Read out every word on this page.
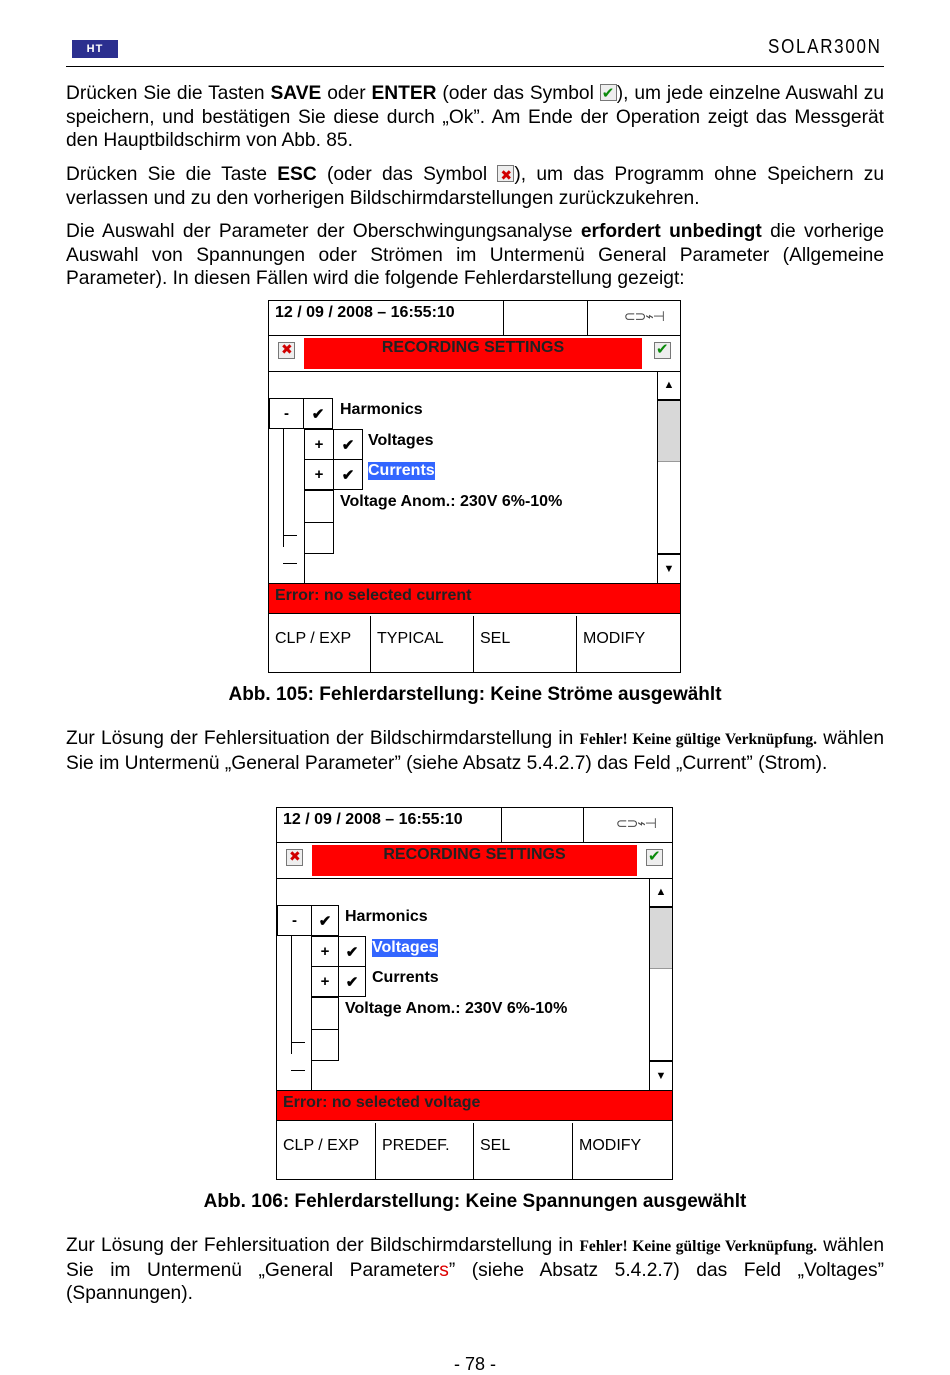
HT	SOLAR300N
Drücken Sie die Tasten SAVE oder ENTER (oder das Symbol ✔), um jede einzelne Auswahl zu speichern, und bestätigen Sie diese durch „Ok”. Am Ende der Operation zeigt das Messgerät den Hauptbildschirm von Abb. 85.
Drücken Sie die Taste ESC (oder das Symbol ✖), um das Programm ohne Speichern zu verlassen und zu den vorherigen Bildschirmdarstellungen zurückzukehren.
Die Auswahl der Parameter der Oberschwingungsanalyse erfordert unbedingt die vorherige Auswahl von Spannungen oder Strömen im Untermenü General Parameter (Allgemeine Parameter). In diesen Fällen wird die folgende Fehlerdarstellung gezeigt:
12 / 09 / 2008 – 16:55:10	⊂⊃⌁⊣
✖
RECORDING SETTINGS
✔
▲
▼
-	✔ Harmonics
+	✔ Voltages
+	✔ Currents
Voltage Anom.: 230V 6%-10%
Error: no selected current
CLP / EXP	TYPICAL	SEL	MODIFY
Abb. 105: Fehlerdarstellung: Keine Ströme ausgewählt
Zur Lösung der Fehlersituation der Bildschirmdarstellung in Fehler! Keine gültige Verknüpfung. wählen Sie im Untermenü „General Parameter” (siehe Absatz 5.4.2.7) das Feld „Current” (Strom).
12 / 09 / 2008 – 16:55:10	⊂⊃⌁⊣
✖
RECORDING SETTINGS
✔
▲
▼
-	✔ Harmonics
+	✔ Voltages
+	✔ Currents
Voltage Anom.: 230V 6%-10%
Error: no selected voltage
CLP / EXP	PREDEF.	SEL	MODIFY
Abb. 106: Fehlerdarstellung: Keine Spannungen ausgewählt
Zur Lösung der Fehlersituation der Bildschirmdarstellung in Fehler! Keine gültige Verknüpfung. wählen Sie im Untermenü „General Parameters” (siehe Absatz 5.4.2.7) das Feld „Voltages” (Spannungen).
- 78 -
